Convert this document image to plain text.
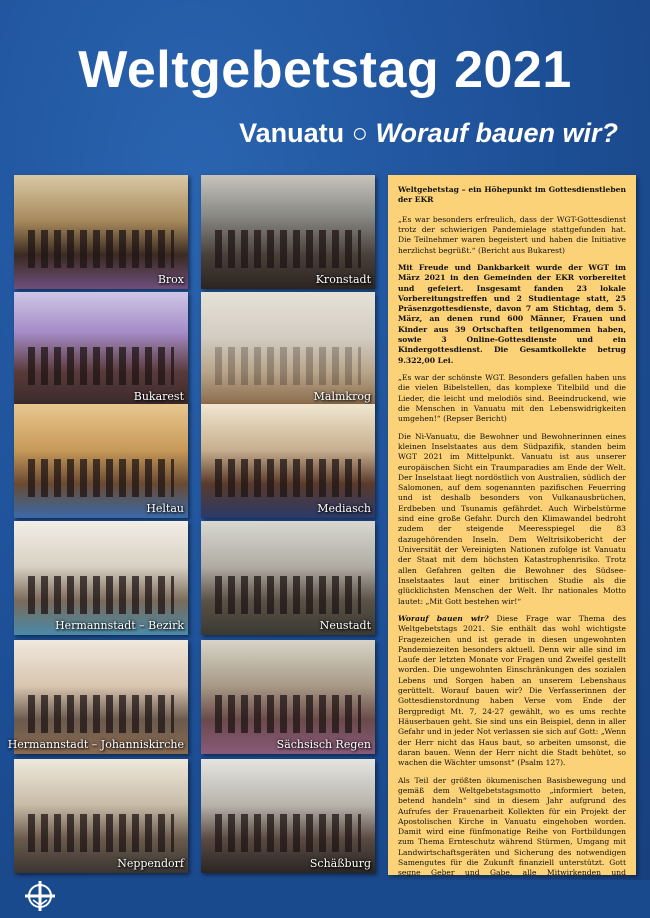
Weltgebetstag 2021
Vanuatu ○ Worauf bauen wir?
Brox	Kronstadt
Bukarest	Malmkrog
Heltau	Mediasch
Hermannstadt – Bezirk	Neustadt
Hermannstadt – Johanniskirche	Sächsisch Regen
Neppendorf	Schäßburg

Weltgebetstag – ein Höhepunkt im Gottesdienstleben der EKR

„Es war besonders erfreulich, dass der WGT-Gottesdienst trotz der schwierigen Pandemielage stattgefunden hat. Die Teilnehmer waren begeistert und haben die Initiative herzlichst begrüßt.“ (Bericht aus Bukarest)

Mit Freude und Dankbarkeit wurde der WGT im März 2021 in den Gemeinden der EKR vorbereitet und gefeiert. Insgesamt fanden 23 lokale Vorbereitungstreffen und 2 Studientage statt, 25 Präsenzgottesdienste, davon 7 am Stichtag, dem 5. März, an denen rund 600 Männer, Frauen und Kinder aus 39 Ortschaften teilgenommen haben, sowie 3 Online-Gottesdienste und ein Kindergottesdienst. Die Gesamtkollekte betrug 9.322,00 Lei.

„Es war der schönste WGT. Besonders gefallen haben uns die vielen Bibelstellen, das komplexe Titelbild und die Lieder, die leicht und melodiös sind. Beeindruckend, wie die Menschen in Vanuatu mit den Lebenswidrigkeiten umgehen!“ (Repser Bericht)

Die Ni-Vanuatu, die Bewohner und Bewohnerinnen eines kleinen Inselstaates aus dem Südpazifik, standen beim WGT 2021 im Mittelpunkt. Vanuatu ist aus unserer europäischen Sicht ein Traumparadies am Ende der Welt. Der Inselstaat liegt nordöstlich von Australien, südlich der Salomonen, auf dem sogenannten pazifischen Feuerring und ist deshalb besonders von Vulkanausbrüchen, Erdbeben und Tsunamis gefährdet. Auch Wirbelstürme sind eine große Gefahr. Durch den Klimawandel bedroht zudem der steigende Meeresspiegel die 83 dazugehörenden Inseln. Dem Weltrisikobericht der Universität der Vereinigten Nationen zufolge ist Vanuatu der Staat mit dem höchsten Katastrophenrisiko. Trotz allen Gefahren gelten die Bewohner des Südsee-Inselstaates laut einer britischen Studie als die glücklichsten Menschen der Welt. Ihr nationales Motto lautet: „Mit Gott bestehen wir!“

Worauf bauen wir? Diese Frage war Thema des Weltgebetstags 2021. Sie enthält das wohl wichtigste Fragezeichen und ist gerade in diesen ungewohnten Pandemiezeiten besonders aktuell. Denn wir alle sind im Laufe der letzten Monate vor Fragen und Zweifel gestellt worden. Die ungewohnten Einschränkungen des sozialen Lebens und Sorgen haben an unserem Lebenshaus gerüttelt. Worauf bauen wir? Die Verfasserinnen der Gottesdienstordnung haben Verse vom Ende der Bergpredigt Mt. 7, 24-27 gewählt, wo es ums rechte Häuserbauen geht. Sie sind uns ein Beispiel, denn in aller Gefahr und in jeder Not verlassen sie sich auf Gott: „Wenn der Herr nicht das Haus baut, so arbeiten umsonst, die daran bauen. Wenn der Herr nicht die Stadt behütet, so wachen die Wächter umsonst“ (Psalm 127).

Als Teil der größten ökumenischen Basisbewegung und gemäß dem Weltgebetstagsmotto „informiert beten, betend handeln“ sind in diesem Jahr aufgrund des Aufrufes der Frauenarbeit Kollekten für ein Projekt der Apostolischen Kirche in Vanuatu eingehoben worden. Damit wird eine fünfmonatige Reihe von Fortbildungen zum Thema Ernteschutz während Stürmen, Umgang mit Landwirtschaftsgeräten und Sicherung des notwendigen Samengutes für die Zukunft finanziell unterstützt. Gott segne Geber und Gabe, alle Mitwirkenden und
